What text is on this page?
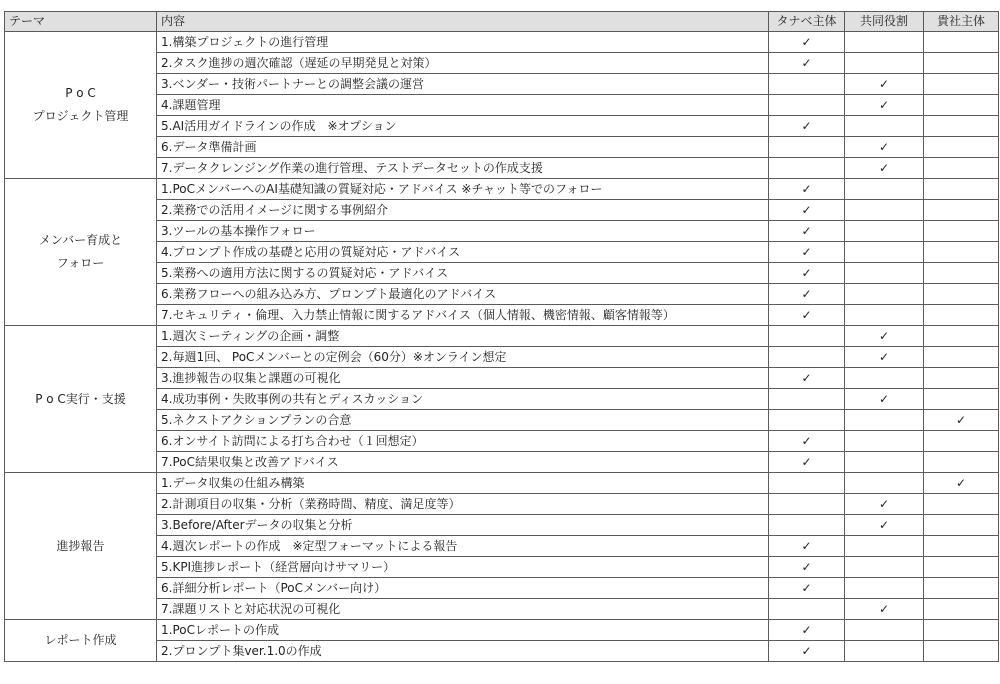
テーマ	内容	タナベ主体	共同役割	貴社主体
P o C
プロジェクト管理	1.構築プロジェクトの進行管理	✓		
	2.タスク進捗の週次確認（遅延の早期発見と対策）	✓		
	3.ベンダー・技術パートナーとの調整会議の運営		✓	
	4.課題管理		✓	
	5.AI活用ガイドラインの作成　※オプション	✓		
	6.データ準備計画		✓	
	7.データクレンジング作業の進行管理、テストデータセットの作成支援		✓	
メンバー育成と
フォロー	1.PoCメンバーへのAI基礎知識の質疑対応・アドバイス ※チャット等でのフォロー	✓		
	2.業務での活用イメージに関する事例紹介	✓		
	3.ツールの基本操作フォロー	✓		
	4.プロンプト作成の基礎と応用の質疑対応・アドバイス	✓		
	5.業務への適用方法に関するの質疑対応・アドバイス	✓		
	6.業務フローへの組み込み方、プロンプト最適化のアドバイス	✓		
	7.セキュリティ・倫理、入力禁止情報に関するアドバイス（個人情報、機密情報、顧客情報等）	✓		
P o C実行・支援	1.週次ミーティングの企画・調整		✓	
	2.毎週1回、 PoCメンバーとの定例会（60分）※オンライン想定		✓	
	3.進捗報告の収集と課題の可視化	✓		
	4.成功事例・失敗事例の共有とディスカッション		✓	
	5.ネクストアクションプランの合意			✓
	6.オンサイト訪問による打ち合わせ（１回想定）	✓		
	7.PoC結果収集と改善アドバイス	✓		
進捗報告	1.データ収集の仕組み構築			✓
	2.計測項目の収集・分析（業務時間、精度、満足度等）		✓	
	3.Before/Afterデータの収集と分析		✓	
	4.週次レポートの作成　※定型フォーマットによる報告	✓		
	5.KPI進捗レポート（経営層向けサマリー）	✓		
	6.詳細分析レポート（PoCメンバー向け）	✓		
	7.課題リストと対応状況の可視化		✓	
レポート作成	1.PoCレポートの作成	✓		
	2.プロンプト集ver.1.0の作成	✓		
